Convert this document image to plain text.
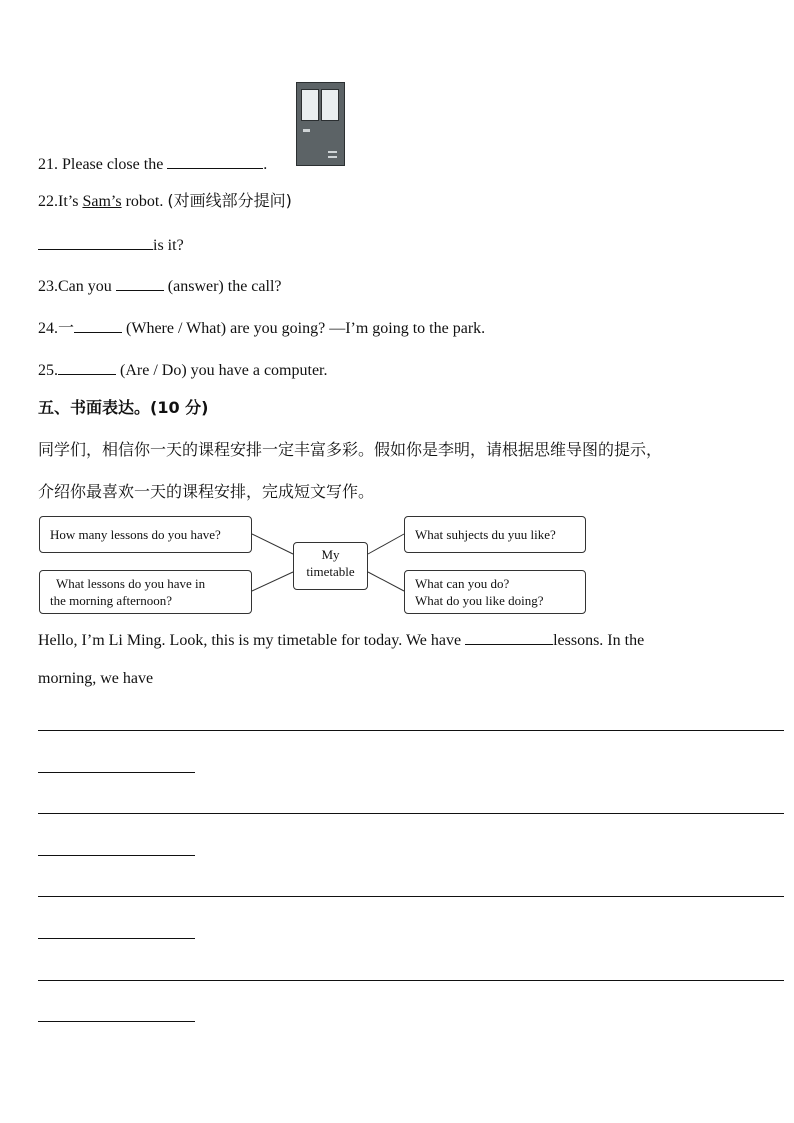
21. Please close the	.
22.It’s Sam’s robot. (对画线部分提问)
is it?
23.Can you	(answer) the call?
24.一	(Where / What) are you going? —I’m going to the park.
25.	(Are / Do) you have a computer.
五、书面表达。(10 分)
同学们，相信你一天的课程安排一定丰富多彩。假如你是李明，请根据思维导图的提示，
介绍你最喜欢一天的课程安排，完成短文写作。
How many lessons do you have?
What lessons do you have in
the morning afternoon?
My
timetable
What suhjects du yuu like?
What can you do?
What do you like doing?
Hello, I’m Li Ming. Look, this is my timetable for today. We have	lessons. In the
morning, we have
